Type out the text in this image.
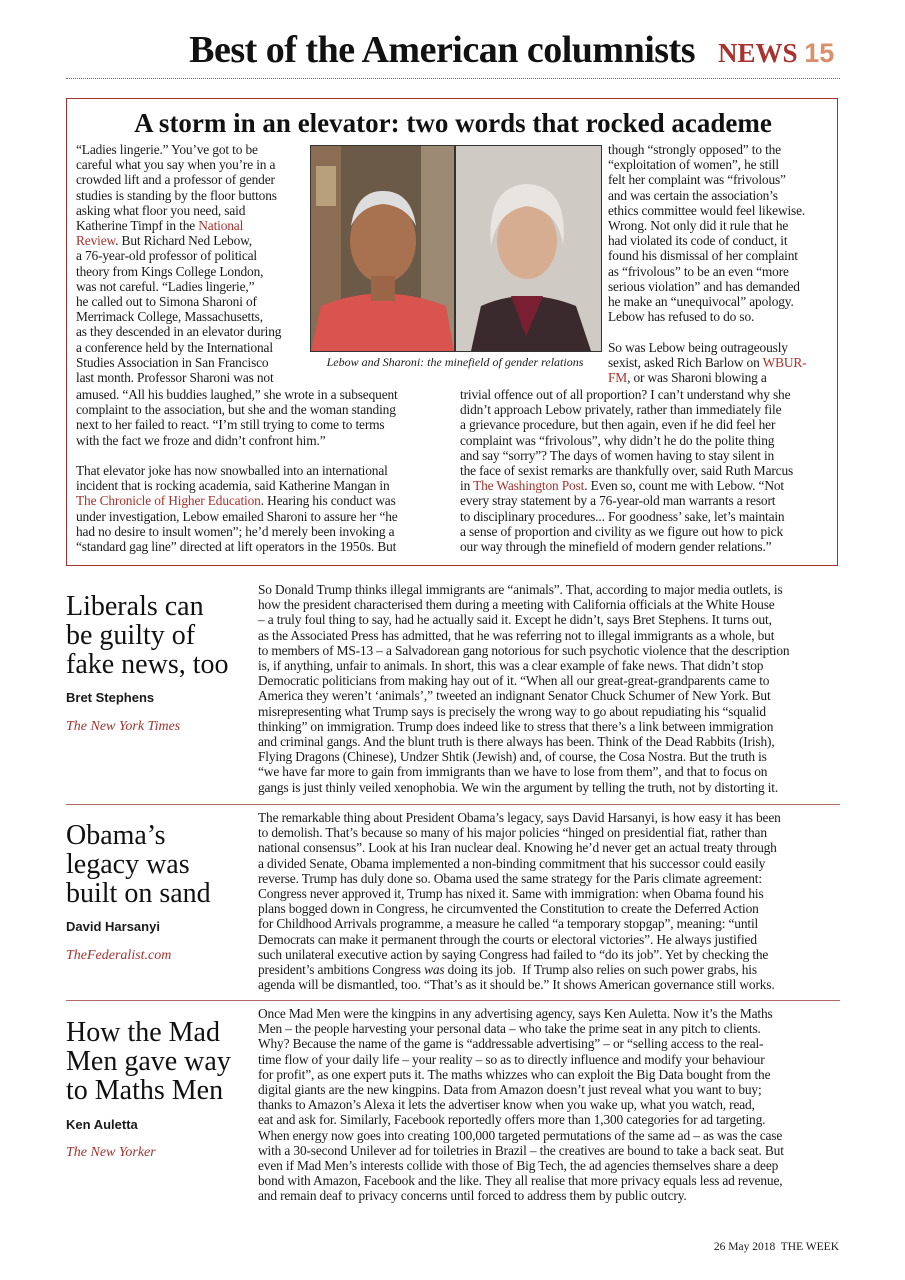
Best of the American columnists NEWS 15
A storm in an elevator: two words that rocked academe
“Ladies lingerie.” You’ve got to be
careful what you say when you’re in a
crowded lift and a professor of gender
studies is standing by the floor buttons
asking what floor you need, said
Katherine Timpf in the National
Review. But Richard Ned Lebow,
a 76-year-old professor of political
theory from Kings College London,
was not careful. “Ladies lingerie,”
he called out to Simona Sharoni of
Merrimack College, Massachusetts,
as they descended in an elevator during
a conference held by the International
Studies Association in San Francisco
last month. Professor Sharoni was not
amused. “All his buddies laughed,” she wrote in a subsequent
complaint to the association, but she and the woman standing
next to her failed to react. “I’m still trying to come to terms
with the fact we froze and didn’t confront him.”

That elevator joke has now snowballed into an international
incident that is rocking academia, said Katherine Mangan in
The Chronicle of Higher Education. Hearing his conduct was
under investigation, Lebow emailed Sharoni to assure her “he
had no desire to insult women”; he’d merely been invoking a
“standard gag line” directed at lift operators in the 1950s. But
though “strongly opposed” to the
“exploitation of women”, he still
felt her complaint was “frivolous”
and was certain the association’s
ethics committee would feel likewise.
Wrong. Not only did it rule that he
had violated its code of conduct, it
found his dismissal of her complaint
as “frivolous” to be an even “more
serious violation” and has demanded
he make an “unequivocal” apology.
Lebow has refused to do so.

So was Lebow being outrageously
sexist, asked Rich Barlow on WBUR-
FM, or was Sharoni blowing a
trivial offence out of all proportion? I can’t understand why she
didn’t approach Lebow privately, rather than immediately file
a grievance procedure, but then again, even if he did feel her
complaint was “frivolous”, why didn’t he do the polite thing
and say “sorry”? The days of women having to stay silent in
the face of sexist remarks are thankfully over, said Ruth Marcus
in The Washington Post. Even so, count me with Lebow. “Not
every stray statement by a 76-year-old man warrants a resort
to disciplinary procedures... For goodness’ sake, let’s maintain
a sense of proportion and civility as we figure out how to pick
our way through the minefield of modern gender relations.”
Lebow and Sharoni: the minefield of gender relations
Liberals can
be guilty of
fake news, too
Bret Stephens
The New York Times
So Donald Trump thinks illegal immigrants are “animals”. That, according to major media outlets, is
how the president characterised them during a meeting with California officials at the White House
– a truly foul thing to say, had he actually said it. Except he didn’t, says Bret Stephens. It turns out,
as the Associated Press has admitted, that he was referring not to illegal immigrants as a whole, but
to members of MS-13 – a Salvadorean gang notorious for such psychotic violence that the description
is, if anything, unfair to animals. In short, this was a clear example of fake news. That didn’t stop
Democratic politicians from making hay out of it. “When all our great-great-grandparents came to
America they weren’t ‘animals’,” tweeted an indignant Senator Chuck Schumer of New York. But
misrepresenting what Trump says is precisely the wrong way to go about repudiating his “squalid
thinking” on immigration. Trump does indeed like to stress that there’s a link between immigration
and criminal gangs. And the blunt truth is there always has been. Think of the Dead Rabbits (Irish),
Flying Dragons (Chinese), Undzer Shtik (Jewish) and, of course, the Cosa Nostra. But the truth is
“we have far more to gain from immigrants than we have to lose from them”, and that to focus on
gangs is just thinly veiled xenophobia. We win the argument by telling the truth, not by distorting it.
Obama’s
legacy was
built on sand
David Harsanyi
TheFederalist.com
The remarkable thing about President Obama’s legacy, says David Harsanyi, is how easy it has been
to demolish. That’s because so many of his major policies “hinged on presidential fiat, rather than
national consensus”. Look at his Iran nuclear deal. Knowing he’d never get an actual treaty through
a divided Senate, Obama implemented a non-binding commitment that his successor could easily
reverse. Trump has duly done so. Obama used the same strategy for the Paris climate agreement:
Congress never approved it, Trump has nixed it. Same with immigration: when Obama found his
plans bogged down in Congress, he circumvented the Constitution to create the Deferred Action
for Childhood Arrivals programme, a measure he called “a temporary stopgap”, meaning: “until
Democrats can make it permanent through the courts or electoral victories”. He always justified
such unilateral executive action by saying Congress had failed to “do its job”. Yet by checking the
president’s ambitions Congress was doing its job.  If Trump also relies on such power grabs, his
agenda will be dismantled, too. “That’s as it should be.” It shows American governance still works.
How the Mad
Men gave way
to Maths Men
Ken Auletta
The New Yorker
Once Mad Men were the kingpins in any advertising agency, says Ken Auletta. Now it’s the Maths
Men – the people harvesting your personal data – who take the prime seat in any pitch to clients.
Why? Because the name of the game is “addressable advertising” – or “selling access to the real-
time flow of your daily life – your reality – so as to directly influence and modify your behaviour
for profit”, as one expert puts it. The maths whizzes who can exploit the Big Data bought from the
digital giants are the new kingpins. Data from Amazon doesn’t just reveal what you want to buy;
thanks to Amazon’s Alexa it lets the advertiser know when you wake up, what you watch, read,
eat and ask for. Similarly, Facebook reportedly offers more than 1,300 categories for ad targeting.
When energy now goes into creating 100,000 targeted permutations of the same ad – as was the case
with a 30-second Unilever ad for toiletries in Brazil – the creatives are bound to take a back seat. But
even if Mad Men’s interests collide with those of Big Tech, the ad agencies themselves share a deep
bond with Amazon, Facebook and the like. They all realise that more privacy equals less ad revenue,
and remain deaf to privacy concerns until forced to address them by public outcry.
26 May 2018 THE WEEK
